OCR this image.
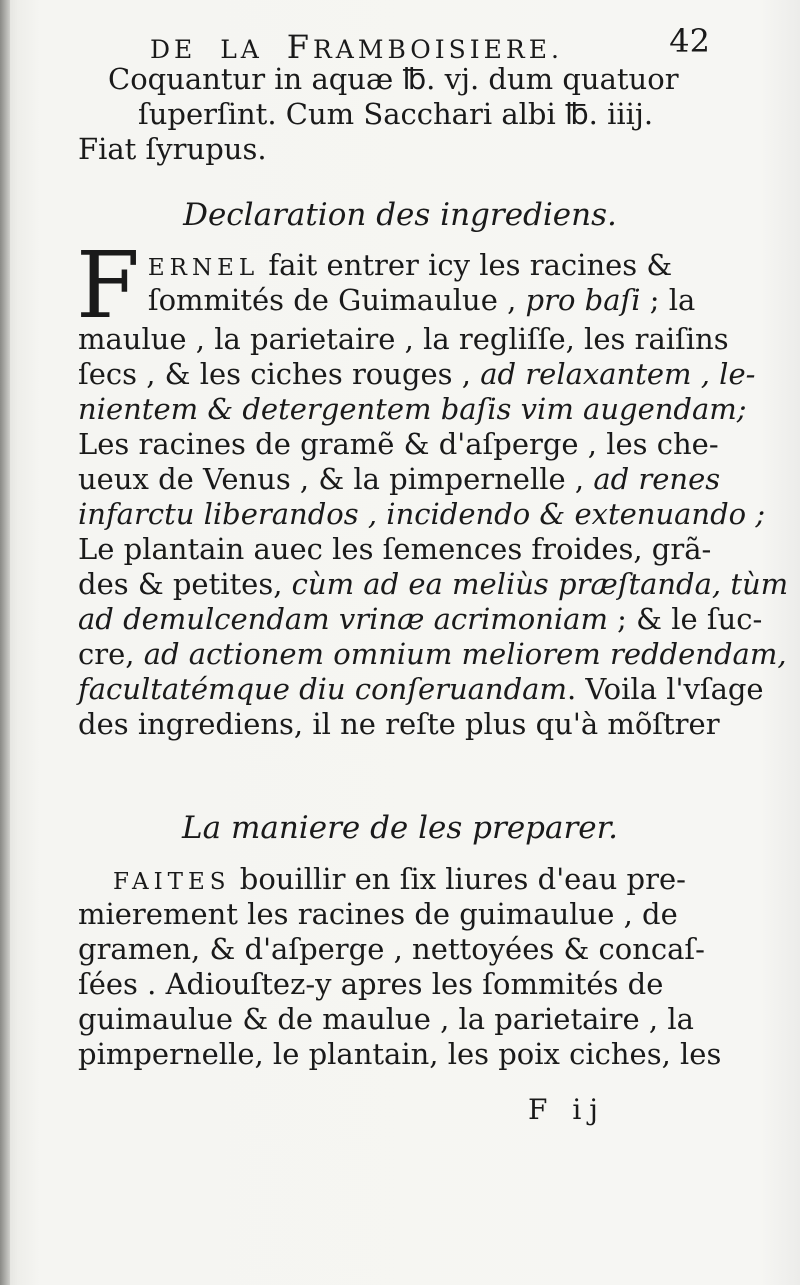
DE LA FRAMBOISIERE.	42
Coquantur in aquæ ℔. vj. dum quatuor
ſuperſint. Cum Sacchari albi ℔. iiij.
Fiat ſyrupus.
Declaration des ingrediens.
F ERNEL fait entrer icy les racines &
ſommités de Guimaulue , pro baſi ; la
maulue , la parietaire , la regliſſe, les raiſins
ſecs , & les ciches rouges , ad relaxantem , le-
nientem & detergentem baſis vim augendam;
Les racines de gramẽ & d'aſperge , les che-
ueux de Venus , & la pimpernelle , ad renes
infarctu liberandos , incidendo & extenuando ;
Le plantain auec les ſemences froides, grã-
des & petites, cùm ad ea meliùs præſtanda, tùm
ad demulcendam vrinæ acrimoniam ; & le ſuc-
cre, ad actionem omnium meliorem reddendam,
facultatémque diu conſeruandam. Voila l'vſage
des ingrediens, il ne reſte plus qu'à mõſtrer
La maniere de les preparer.
FAITES bouillir en ſix liures d'eau pre-
mierement les racines de guimaulue , de
gramen, & d'aſperge , nettoyées & concaſ-
ſées . Adiouſtez-y apres les ſommités de
guimaulue & de maulue , la parietaire , la
pimpernelle, le plantain, les poix ciches, les
F ij
